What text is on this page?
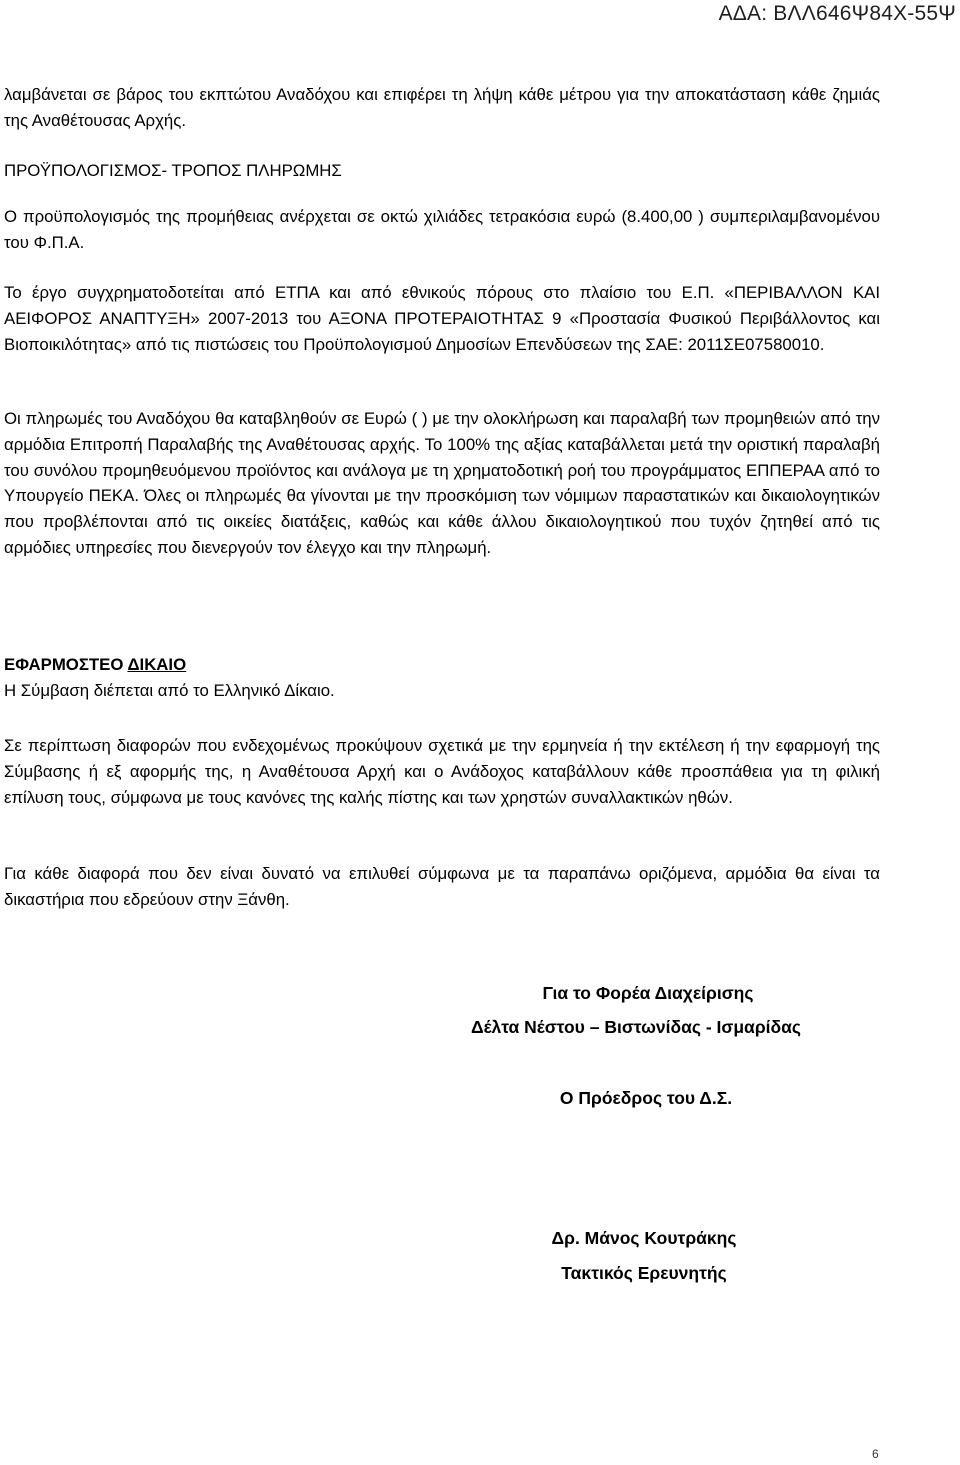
ΑΔΑ: ΒΛΛ646Ψ84Χ-55Ψ

λαμβάνεται σε βάρος του εκπτώτου Αναδόχου και επιφέρει τη λήψη κάθε μέτρου για την αποκατάσταση κάθε ζημιάς της Αναθέτουσας Αρχής.

ΠΡΟΫΠΟΛΟΓΙΣΜΟΣ- ΤΡΟΠΟΣ ΠΛΗΡΩΜΗΣ

Ο προϋπολογισμός της προμήθειας ανέρχεται σε οκτώ χιλιάδες τετρακόσια ευρώ (8.400,00 ) συμπεριλαμβανομένου του Φ.Π.Α.

Το έργο συγχρηματοδοτείται από ΕΤΠΑ και από εθνικούς πόρους στο πλαίσιο του Ε.Π. «ΠΕΡΙΒΑΛΛΟΝ ΚΑΙ ΑΕΙΦΟΡΟΣ ΑΝΑΠΤΥΞΗ» 2007-2013 του ΑΞΟΝΑ ΠΡΟΤΕΡΑΙΟΤΗΤΑΣ 9 «Προστασία Φυσικού Περιβάλλοντος και Βιοποικιλότητας» από τις πιστώσεις του Προϋπολογισμού Δημοσίων Επενδύσεων της ΣΑΕ: 2011ΣΕ07580010.

Οι πληρωμές του Αναδόχου θα καταβληθούν σε Ευρώ ( ) με την ολοκλήρωση και παραλαβή των προμηθειών από την αρμόδια Επιτροπή Παραλαβής της Αναθέτουσας αρχής. Το 100% της αξίας καταβάλλεται μετά την οριστική παραλαβή του συνόλου προμηθευόμενου προϊόντος και ανάλογα με τη χρηματοδοτική ροή του προγράμματος ΕΠΠΕΡΑΑ από το Υπουργείο ΠΕΚΑ. Όλες οι πληρωμές θα γίνονται με την προσκόμιση των νόμιμων παραστατικών και δικαιολογητικών που προβλέπονται από τις οικείες διατάξεις, καθώς και κάθε άλλου δικαιολογητικού που τυχόν ζητηθεί από τις αρμόδιες υπηρεσίες που διενεργούν τον έλεγχο και την πληρωμή.

ΕΦΑΡΜΟΣΤΕΟ ΔΙΚΑΙΟ

Η Σύμβαση διέπεται από το Ελληνικό Δίκαιο.

Σε περίπτωση διαφορών που ενδεχομένως προκύψουν σχετικά με την ερμηνεία ή την εκτέλεση ή την εφαρμογή της Σύμβασης ή εξ αφορμής της, η Αναθέτουσα Αρχή και ο Ανάδοχος καταβάλλουν κάθε προσπάθεια για τη φιλική επίλυση τους, σύμφωνα με τους κανόνες της καλής πίστης και των χρηστών συναλλακτικών ηθών.

Για κάθε διαφορά που δεν είναι δυνατό να επιλυθεί σύμφωνα με τα παραπάνω οριζόμενα, αρμόδια θα είναι τα δικαστήρια που εδρεύουν στην Ξάνθη.

Για το Φορέα Διαχείρισης
Δέλτα Νέστου – Βιστωνίδας - Ισμαρίδας
Ο Πρόεδρος του Δ.Σ.
Δρ. Μάνος Κουτράκης
Τακτικός Ερευνητής
6
